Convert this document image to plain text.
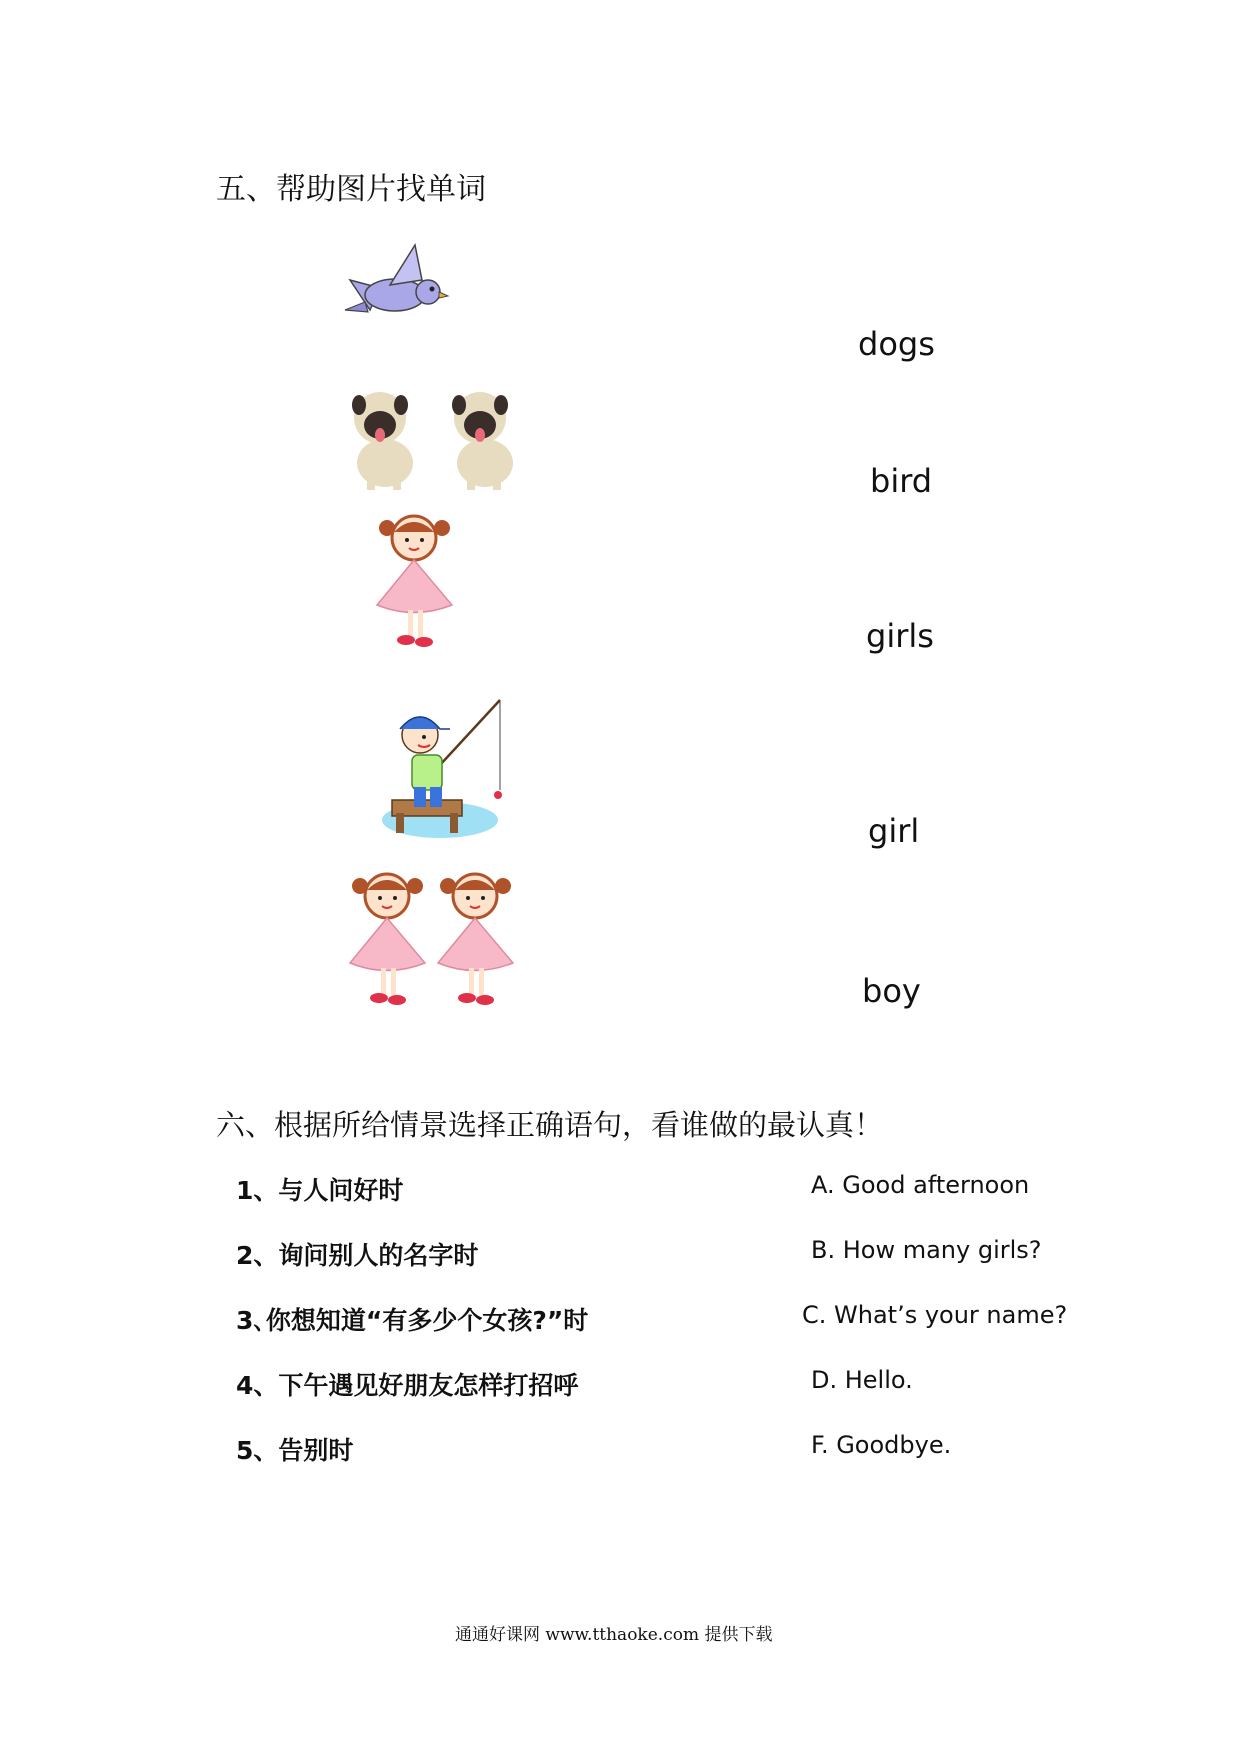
五、帮助图片找单词
dogs
bird
girls
girl
boy
六、根据所给情景选择正确语句，看谁做的最认真！
1、与人问好时
2、询问别人的名字时
3､你想知道“有多少个女孩?”时
4、下午遇见好朋友怎样打招呼
5、告别时
A. Good afternoon
B. How many girls?
C. What’s your name?
D. Hello.
F. Goodbye.
通通好课网 www.tthaoke.com 提供下载
